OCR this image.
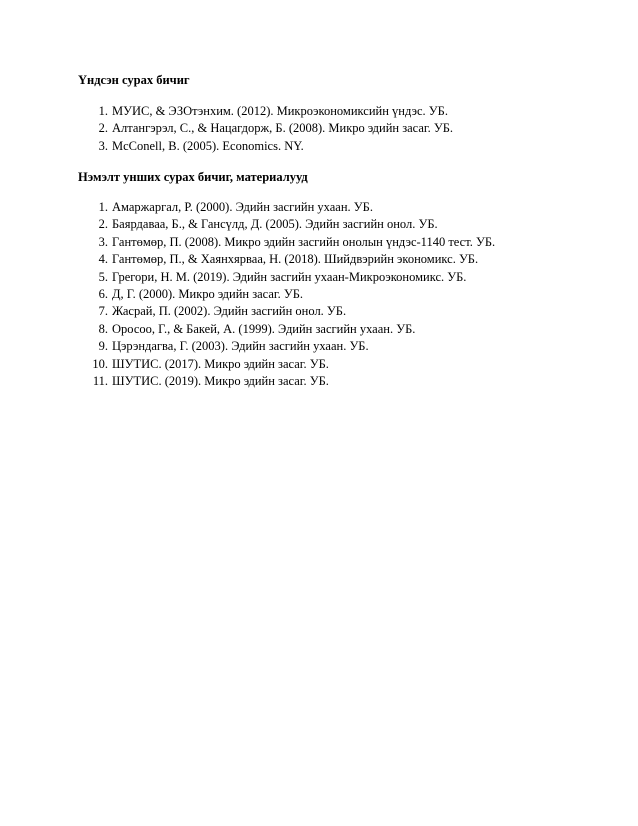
Үндсэн сурах бичиг
1. МУИС, & ЭЗОтэнхим. (2012). Микроэкономиксийн үндэс. УБ.
2. Алтангэрэл, С., & Нацагдорж, Б. (2008). Микро эдийн засаг. УБ.
3. McConell, B. (2005). Economics. NY.
Нэмэлт унших сурах бичиг, материалууд
1. Амаржаргал, Р. (2000). Эдийн засгийн ухаан. УБ.
2. Баярдаваа, Б., & Гансүлд, Д. (2005). Эдийн засгийн онол. УБ.
3. Гантөмөр, П. (2008). Микро эдийн засгийн онолын үндэс-1140 тест. УБ.
4. Гантөмөр, П., & Хаянхярваа, Н. (2018). Шийдвэрийн экономикс. УБ.
5. Грегори, Н. М. (2019). Эдийн засгийн ухаан-Микроэкономикс. УБ.
6. Д, Г. (2000). Микро эдийн засаг. УБ.
7. Жасрай, П. (2002). Эдийн засгийн онол. УБ.
8. Оросоо, Г., & Бакей, А. (1999). Эдийн засгийн ухаан. УБ.
9. Цэрэндагва, Г. (2003). Эдийн засгийн ухаан. УБ.
10. ШУТИС. (2017). Микро эдийн засаг. УБ.
11. ШУТИС. (2019). Микро эдийн засаг. УБ.
